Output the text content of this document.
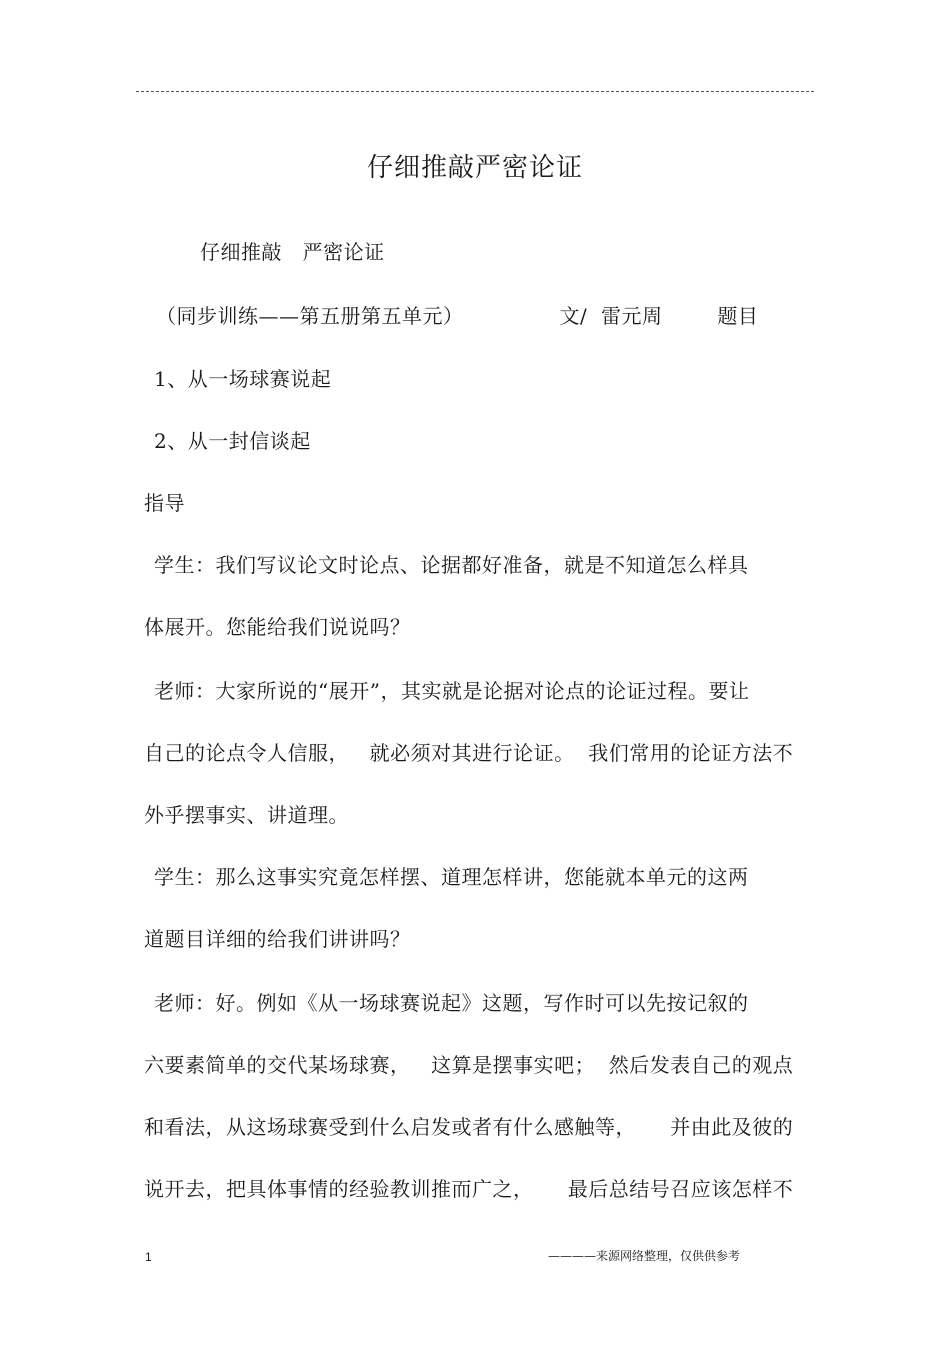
仔细推敲严密论证
仔细推敲   严密论证
（同步训练——第五册第五单元）              文/  雷元周        题目
1、从一场球赛说起
2、从一封信谈起
指导
学生：我们写议论文时论点、论据都好准备，就是不知道怎么样具
体展开。您能给我们说说吗？
老师：大家所说的“展开”，其实就是论据对论点的论证过程。要让
自己的论点令人信服，   就必须对其进行论证。  我们常用的论证方法不
外乎摆事实、讲道理。
学生：那么这事实究竟怎样摆、道理怎样讲，您能就本单元的这两
道题目详细的给我们讲讲吗？
老师：好。例如《从一场球赛说起》这题，写作时可以先按记叙的
六要素简单的交代某场球赛，   这算是摆事实吧；  然后发表自己的观点
和看法，从这场球赛受到什么启发或者有什么感触等，     并由此及彼的
说开去，把具体事情的经验教训推而广之，     最后总结号召应该怎样不
1	————来源网络整理，仅供供参考
